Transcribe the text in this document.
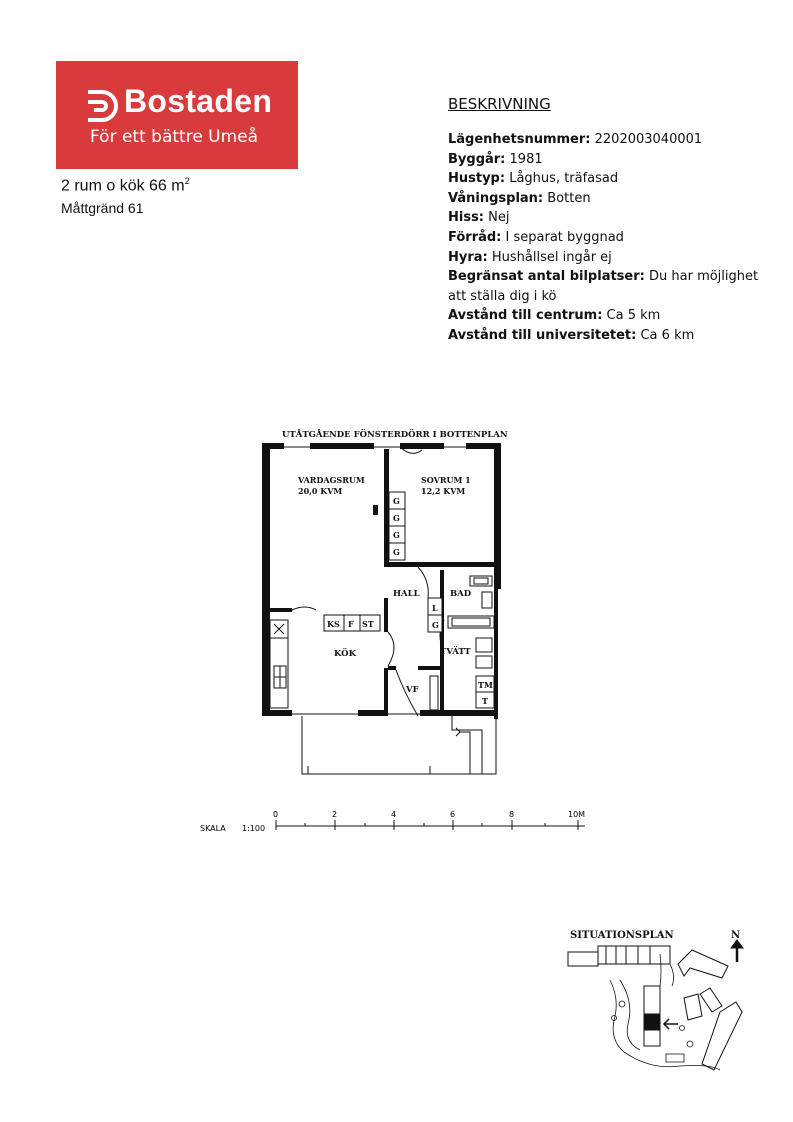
Bostaden
För ett bättre Umeå
2 rum o kök 66 $m^2$
Måttgränd 61
BESKRIVNING
Lägenhetsnummer: 2202003040001
Byggår: 1981
Hustyp: Låghus, träfasad
Våningsplan: Botten
Hiss: Nej
Förråd: I separat byggnad
Hyra: Hushållsel ingår ej
Begränsat antal bilplatser: Du har möjlighet
att ställa dig i kö
Avstånd till centrum: Ca 5 km
Avstånd till universitetet: Ca 6 km
UTÅTGÅENDE FÖNSTERDÖRR I BOTTENPLAN
G
G
G
G
L
G
TM
T
KS F ST
VARDAGSRUM
20,0 KVM
SOVRUM 1
12,2 KVM
HALL	BAD
KÖK	TVÄTT
VF
SKALA 1:100
0	2	4	6	8	10M
SITUATIONSPLAN	N
